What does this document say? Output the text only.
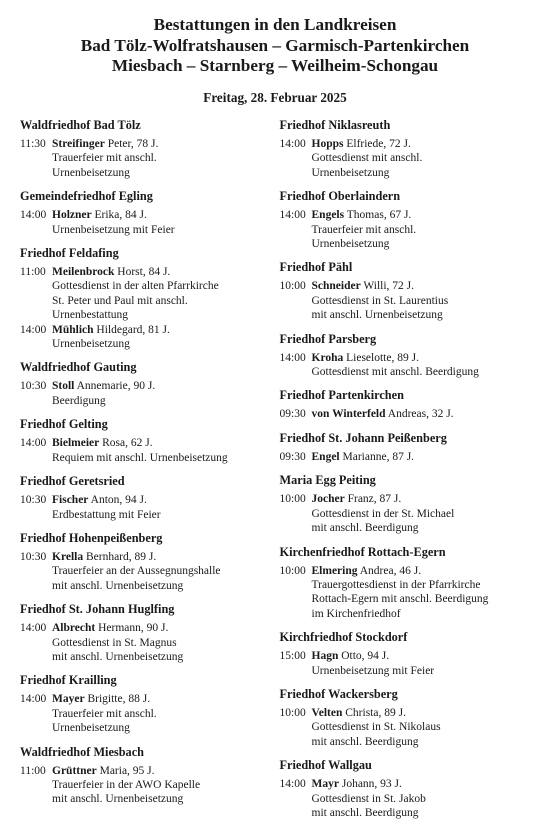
Bestattungen in den Landkreisen
Bad Tölz-Wolfratshausen – Garmisch-Partenkirchen
Miesbach – Starnberg – Weilheim-Schongau
Freitag, 28. Februar 2025
Waldfriedhof Bad Tölz
11:30 Streifinger Peter, 78 J.
Trauerfeier mit anschl.
Urnenbeisetzung
Gemeindefriedhof Egling
14:00 Holzner Erika, 84 J.
Urnenbeisetzung mit Feier
Friedhof Feldafing
11:00 Meilenbrock Horst, 84 J.
Gottesdienst in der alten Pfarrkirche
St. Peter und Paul mit anschl.
Urnenbestattung
14:00 Mühlich Hildegard, 81 J.
Urnenbeisetzung
Waldfriedhof Gauting
10:30 Stoll Annemarie, 90 J.
Beerdigung
Friedhof Gelting
14:00 Bielmeier Rosa, 62 J.
Requiem mit anschl. Urnenbeisetzung
Friedhof Geretsried
10:30 Fischer Anton, 94 J.
Erdbestattung mit Feier
Friedhof Hohenpeißenberg
10:30 Krella Bernhard, 89 J.
Trauerfeier an der Aussegnungshalle
mit anschl. Urnenbeisetzung
Friedhof St. Johann Huglfing
14:00 Albrecht Hermann, 90 J.
Gottesdienst in St. Magnus
mit anschl. Urnenbeisetzung
Friedhof Krailling
14:00 Mayer Brigitte, 88 J.
Trauerfeier mit anschl.
Urnenbeisetzung
Waldfriedhof Miesbach
11:00 Grüttner Maria, 95 J.
Trauerfeier in der AWO Kapelle
mit anschl. Urnenbeisetzung
Friedhof Niklasreuth
14:00 Hopps Elfriede, 72 J.
Gottesdienst mit anschl.
Urnenbeisetzung
Friedhof Oberlaindern
14:00 Engels Thomas, 67 J.
Trauerfeier mit anschl.
Urnenbeisetzung
Friedhof Pähl
10:00 Schneider Willi, 72 J.
Gottesdienst in St. Laurentius
mit anschl. Urnenbeisetzung
Friedhof Parsberg
14:00 Kroha Lieselotte, 89 J.
Gottesdienst mit anschl. Beerdigung
Friedhof Partenkirchen
09:30 von Winterfeld Andreas, 32 J.
Friedhof St. Johann Peißenberg
09:30 Engel Marianne, 87 J.
Maria Egg Peiting
10:00 Jocher Franz, 87 J.
Gottesdienst in der St. Michael
mit anschl. Beerdigung
Kirchenfriedhof Rottach-Egern
10:00 Elmering Andrea, 46 J.
Trauergottesdienst in der Pfarrkirche
Rottach-Egern mit anschl. Beerdigung
im Kirchenfriedhof
Kirchfriedhof Stockdorf
15:00 Hagn Otto, 94 J.
Urnenbeisetzung mit Feier
Friedhof Wackersberg
10:00 Velten Christa, 89 J.
Gottesdienst in St. Nikolaus
mit anschl. Beerdigung
Friedhof Wallgau
14:00 Mayr Johann, 93 J.
Gottesdienst in St. Jakob
mit anschl. Beerdigung
